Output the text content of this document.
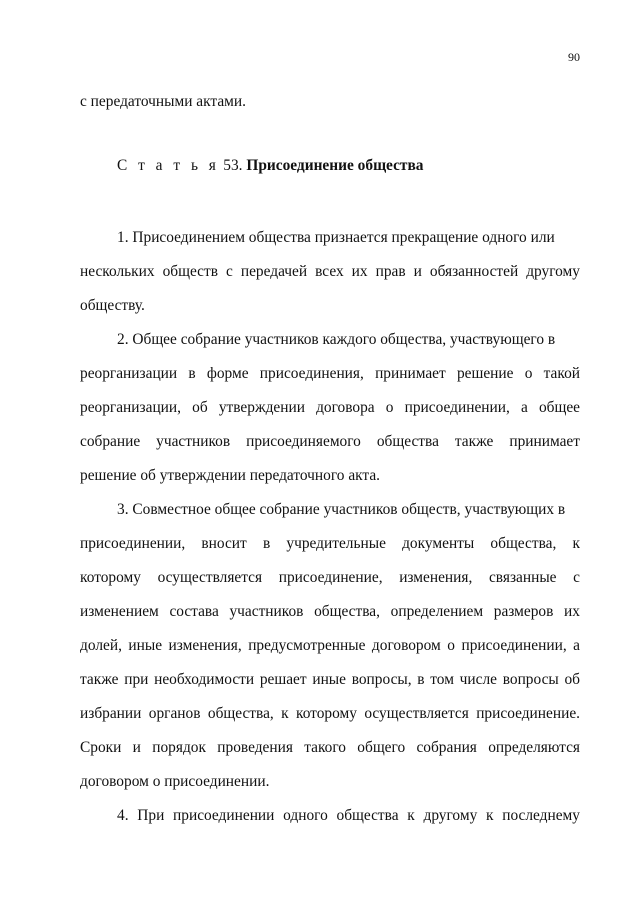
90
с передаточными актами.
С т а т ь я 53. Присоединение общества
1. Присоединением общества признается прекращение одного или
нескольких обществ с передачей всех их прав и обязанностей другому
обществу.
2. Общее собрание участников каждого общества, участвующего в
реорганизации в форме присоединения, принимает решение о такой
реорганизации, об утверждении договора о присоединении, а общее
собрание участников присоединяемого общества также принимает
решение об утверждении передаточного акта.
3. Совместное общее собрание участников обществ, участвующих в
присоединении, вносит в учредительные документы общества, к
которому осуществляется присоединение, изменения, связанные с
изменением состава участников общества, определением размеров их
долей, иные изменения, предусмотренные договором о присоединении, а
также при необходимости решает иные вопросы, в том числе вопросы об
избрании органов общества, к которому осуществляется присоединение.
Сроки и порядок проведения такого общего собрания определяются
договором о присоединении.
4. При присоединении одного общества к другому к последнему
